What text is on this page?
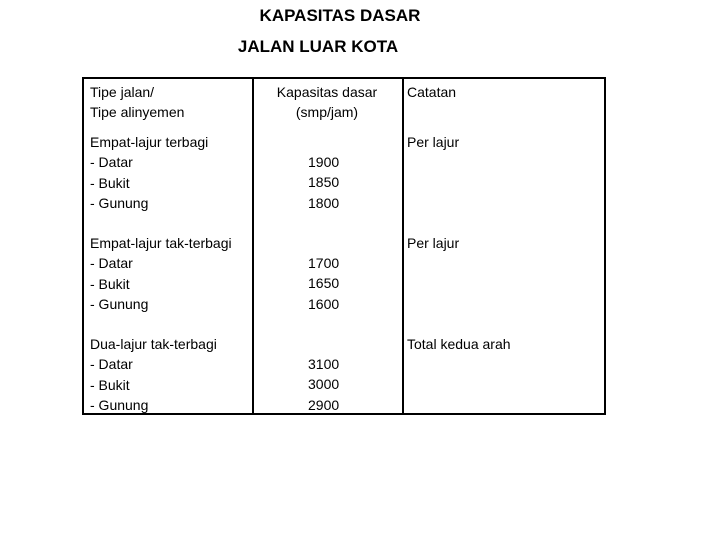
KAPASITAS DASAR
JALAN LUAR KOTA
Tipe jalan/
Tipe alinyemen
Kapasitas dasar
(smp/jam)
Catatan
Empat-lajur terbagi
- Datar
- Bukit
- Gunung
1900
1850
1800
Per lajur
Empat-lajur tak-terbagi
- Datar
- Bukit
- Gunung
1700
1650
1600
Per lajur
Dua-lajur tak-terbagi
- Datar
- Bukit
- Gunung
3100
3000
2900
Total kedua arah
